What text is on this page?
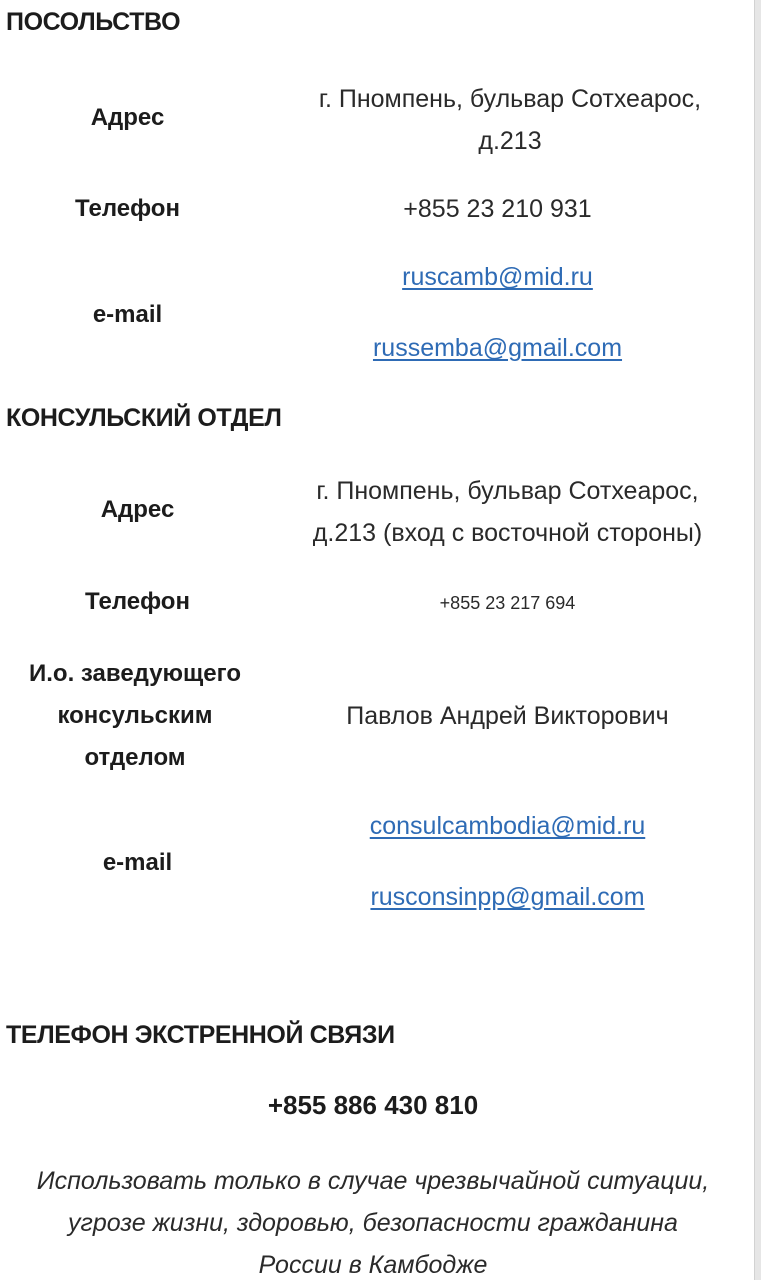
ПОСОЛЬСТВО
Адрес
г. Пномпень, бульвар Сотхеарос,
д.213
Телефон	+855 23 210 931
e-mail
ruscamb@mid.ru
russemba@gmail.com
КОНСУЛЬСКИЙ ОТДЕЛ
Адрес
г. Пномпень, бульвар Сотхеарос,
д.213 (вход с восточной стороны)
Телефон	+855 23 217 694
И.о. заведующего
консульским
отделом
Павлов Андрей Викторович
e-mail
consulcambodia@mid.ru
rusconsinpp@gmail.com
ТЕЛЕФОН ЭКСТРЕННОЙ СВЯЗИ
+855 886 430 810
Использовать только в случае чрезвычайной ситуации,
угрозе жизни, здоровью, безопасности гражданина
России в Камбодже
